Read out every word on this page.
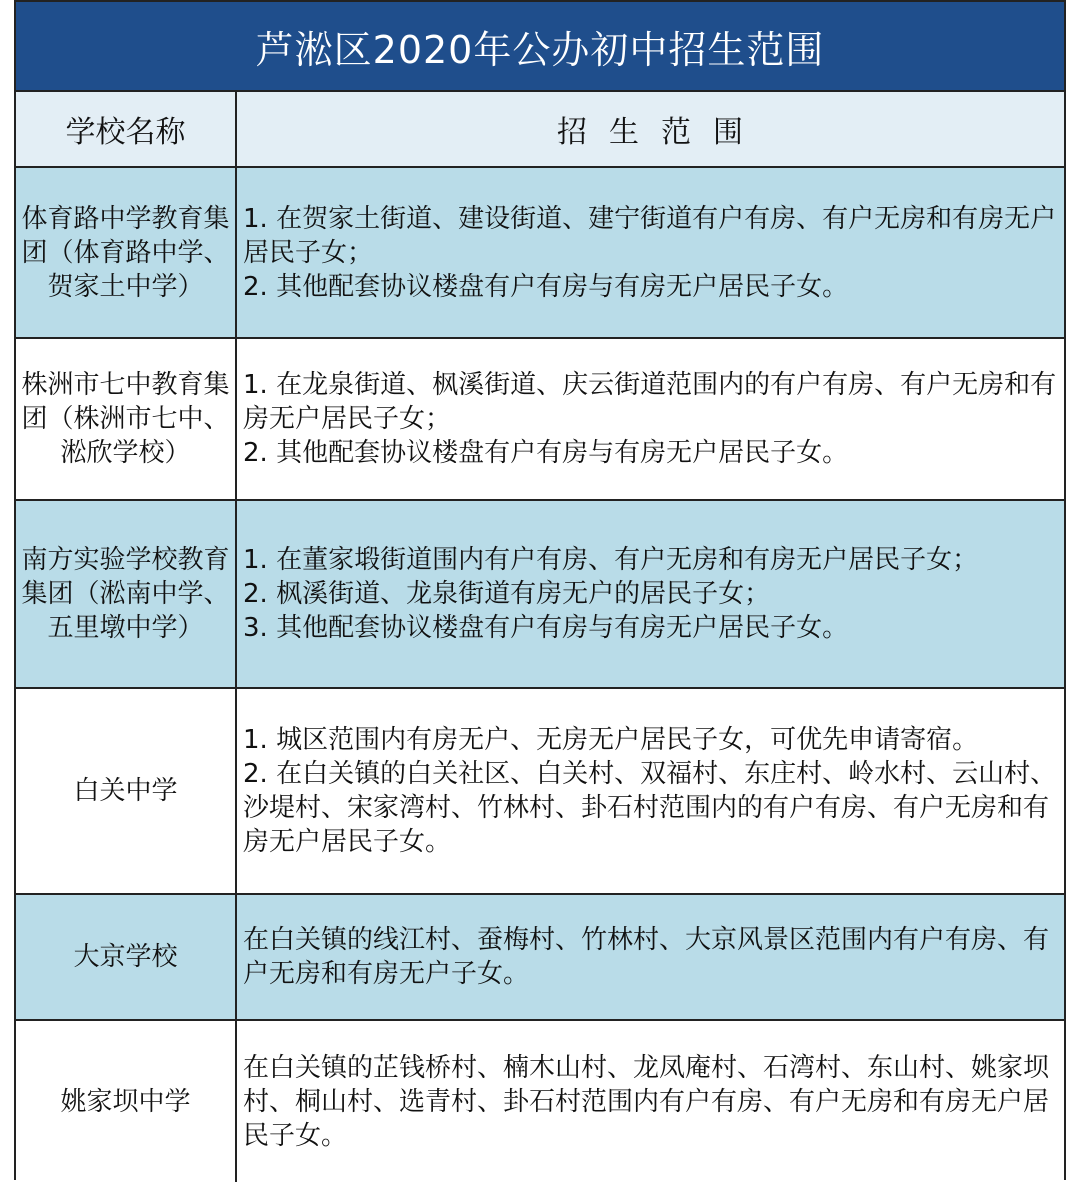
芦淞区2020年公办初中招生范围
学校名称	招生范围
体育路中学教育集团（体育路中学、贺家土中学）	1. 在贺家土街道、建设街道、建宁街道有户有房、有户无房和有房无户居民子女；
2. 其他配套协议楼盘有户有房与有房无户居民子女。

株洲市七中教育集团（株洲市七中、淞欣学校）	1. 在龙泉街道、枫溪街道、庆云街道范围内的有户有房、有户无房和有房无户居民子女；
2. 其他配套协议楼盘有户有房与有房无户居民子女。

南方实验学校教育集团（淞南中学、五里墩中学）	1. 在董家塅街道围内有户有房、有户无房和有房无户居民子女；
2. 枫溪街道、龙泉街道有房无户的居民子女；
3. 其他配套协议楼盘有户有房与有房无户居民子女。

白关中学	1. 城区范围内有房无户、无房无户居民子女，可优先申请寄宿。
2. 在白关镇的白关社区、白关村、双福村、东庄村、岭水村、云山村、沙堤村、宋家湾村、竹林村、卦石村范围内的有户有房、有户无房和有房无户居民子女。

大京学校	在白关镇的线江村、蚕梅村、竹林村、大京风景区范围内有户有房、有户无房和有房无户子女。

姚家坝中学	在白关镇的芷钱桥村、楠木山村、龙凤庵村、石湾村、东山村、姚家坝村、桐山村、选青村、卦石村范围内有户有房、有户无房和有房无户居民子女。
